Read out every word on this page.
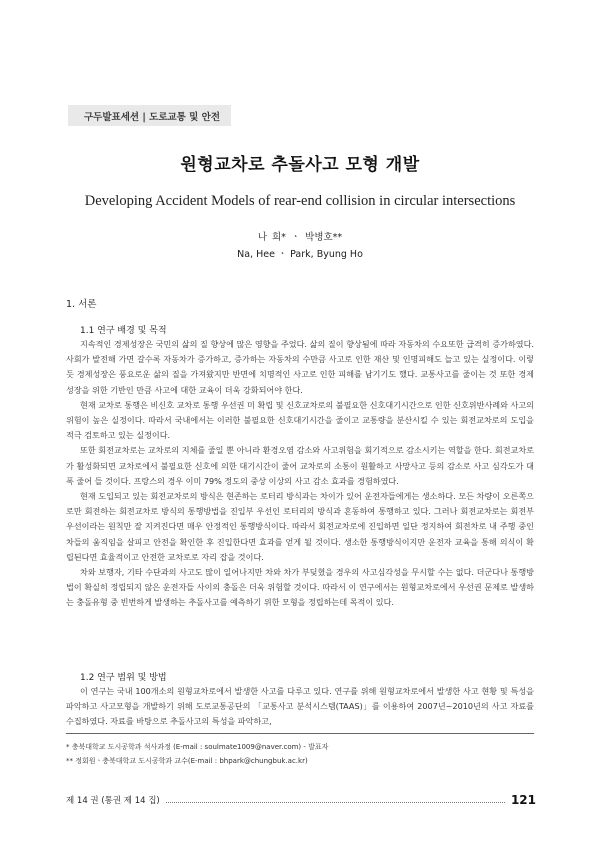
구두발표세션 | 도로교통 및 안전
원형교차로 추돌사고 모형 개발
Developing Accident Models of rear-end collision in circular intersections
나 희* ㆍ 박병호**
Na, Hee ㆍ Park, Byung Ho
1. 서론
1.1 연구 배경 및 목적

지속적인 경제성장은 국민의 삶의 질 향상에 많은 영향을 주었다. 삶의 질이 향상됨에 따라 자동차의 수요또한 급격히 증가하였다. 사회가 발전해 가면 갈수록 자동차가 증가하고, 증가하는 자동차의 수만큼 사고로 인한 재산 및 인명피해도 늘고 있는 실정이다. 이렇듯 경제성장은 풍요로운 삶의 질을 가져왔지만 반면에 치명적인 사고로 인한 피해를 남기기도 했다. 교통사고를 줄이는 것 또한 경제성장을 위한 기반인 만큼 사고에 대한 교육이 더욱 강화되어야 한다.

현재 교차로 통행은 비신호 교차로 통행 우선권 미 확립 및 신호교차로의 불필요한 신호대기시간으로 인한 신호위반사례와 사고의 위험이 높은 실정이다. 따라서 국내에서는 이러한 불필요한 신호대기시간을 줄이고 교통량을 분산시킬 수 있는 회전교차로의 도입을 적극 검토하고 있는 실정이다.

또한 회전교차로는 교차로의 지체를 줄일 뿐 아니라 환경오염 감소와 사고위험을 회기적으로 감소시키는 역할을 한다. 회전교차로가 활성화되면 교차로에서 불필요한 신호에 의한 대기시간이 줄어 교차로의 소통이 원활하고 사망사고 등의 감소로 사고 심각도가 대폭 줄어 들 것이다. 프랑스의 경우 이미 79% 정도의 중상 이상의 사고 감소 효과를 경험하였다.

현재 도입되고 있는 회전교차로의 방식은 현존하는 로터리 방식과는 차이가 있어 운전자들에게는 생소하다. 모든 차량이 오른쪽으로만 회전하는 회전교차로 방식의 통행방법을 진입부 우선인 로터리의 방식과 혼동하여 통행하고 있다. 그러나 회전교차로는 회전부 우선이라는 원칙만 잘 지켜진다면 매우 안정적인 통행방식이다. 따라서 회전교차로에 진입하면 일단 정지하여 회전차로 내 주행 중인 차들의 움직임을 살피고 안전을 확인한 후 진입한다면 효과를 얻게 될 것이다. 생소한 통행방식이지만 운전자 교육을 통해 의식이 확립된다면 효율적이고 안전한 교차로로 자리 잡을 것이다.

차와 보행자, 기타 수단과의 사고도 많이 일어나지만 차와 차가 부딪혔을 경우의 사고심각성을 무시할 수는 없다. 더군다나 통행방법이 확실히 정립되지 않은 운전자들 사이의 충돌은 더욱 위험할 것이다. 따라서 이 연구에서는 원형교차로에서 우선권 문제로 발생하는 충돌유형 중 빈번하게 발생하는 추돌사고를 예측하기 위한 모형을 정립하는데 목적이 있다.

1.2 연구 범위 및 방법

이 연구는 국내 100개소의 원형교차로에서 발생한 사고를 다루고 있다. 연구를 위해 원형교차로에서 발생한 사고 현황 및 특성을 파악하고 사고모형을 개발하기 위해 도로교통공단의 「교통사고 분석시스템(TAAS)」를 이용하여 2007년~2010년의 사고 자료를 수집하였다. 자료를 바탕으로 추돌사고의 특성을 파악하고,

* 충북대학교 도시공학과 석사과정 (E-mail : soulmate1009@naver.com) - 발표자
** 정회원ㆍ충북대학교 도시공학과 교수(E-mail : bhpark@chungbuk.ac.kr)
제 14 권 (통권 제 14 집)	121
